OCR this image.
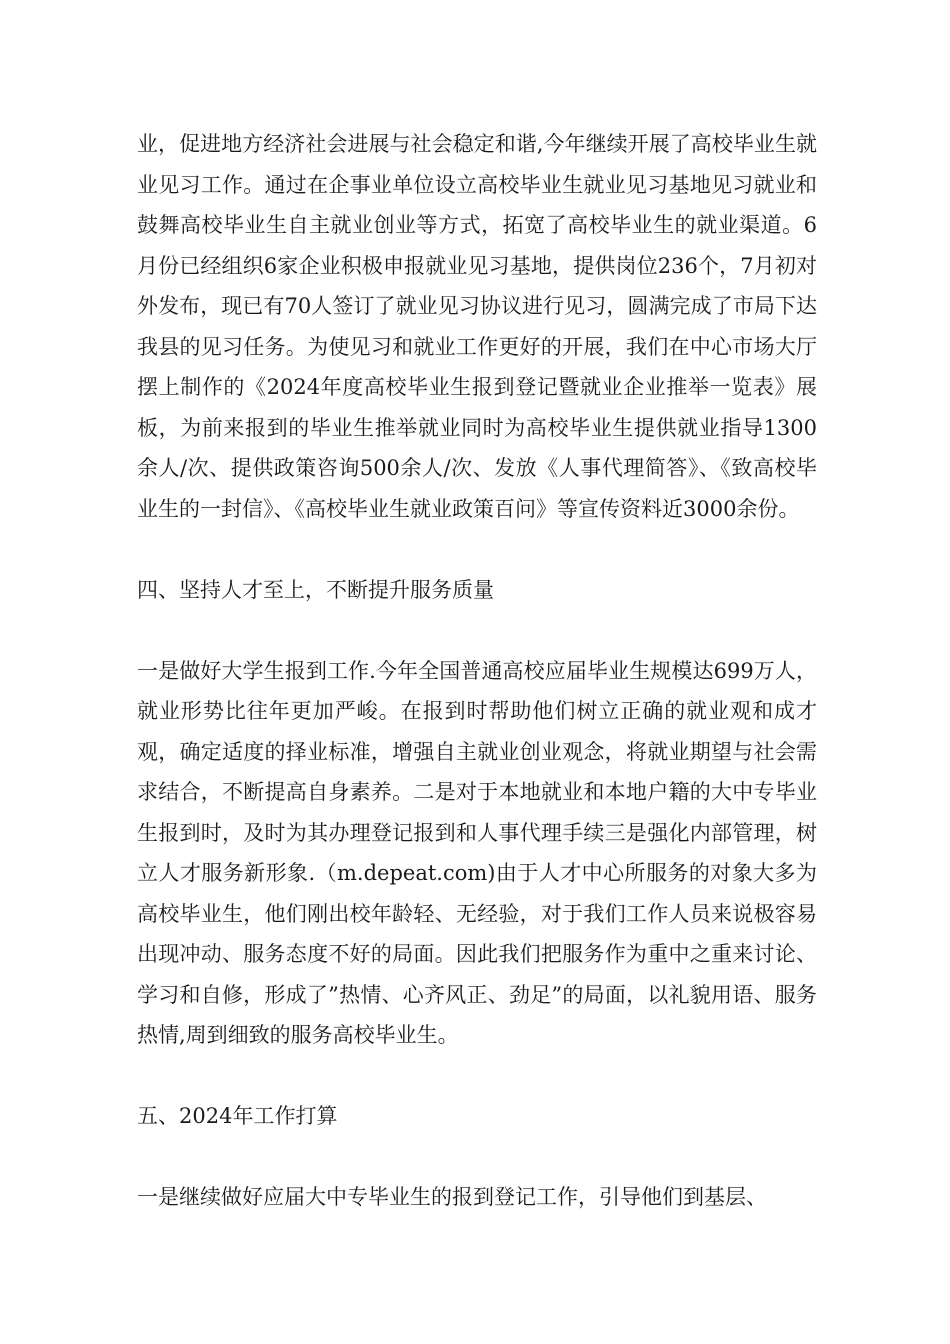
业，促进地方经济社会进展与社会稳定和谐,今年继续开展了高校毕业生就业见习工作。通过在企事业单位设立高校毕业生就业见习基地见习就业和鼓舞高校毕业生自主就业创业等方式，拓宽了高校毕业生的就业渠道。6月份已经组织6家企业积极申报就业见习基地，提供岗位236个，7月初对外发布，现已有70人签订了就业见习协议进行见习，圆满完成了市局下达我县的见习任务。为使见习和就业工作更好的开展，我们在中心市场大厅摆上制作的《2024年度高校毕业生报到登记暨就业企业推举一览表》展板，为前来报到的毕业生推举就业同时为高校毕业生提供就业指导1300余人/次、提供政策咨询500余人/次、发放《人事代理简答》、《致高校毕业生的一封信》、《高校毕业生就业政策百问》等宣传资料近3000余份。

四、坚持人才至上，不断提升服务质量

一是做好大学生报到工作.今年全国普通高校应届毕业生规模达699万人，就业形势比往年更加严峻。在报到时帮助他们树立正确的就业观和成才观，确定适度的择业标准，增强自主就业创业观念，将就业期望与社会需求结合，不断提高自身素养。二是对于本地就业和本地户籍的大中专毕业生报到时，及时为其办理登记报到和人事代理手续三是强化内部管理，树立人才服务新形象.（m.depeat.com)由于人才中心所服务的对象大多为高校毕业生，他们刚出校年龄轻、无经验，对于我们工作人员来说极容易出现冲动、服务态度不好的局面。因此我们把服务作为重中之重来讨论、学习和自修，形成了”热情、心齐风正、劲足”的局面，以礼貌用语、服务热情,周到细致的服务高校毕业生。

五、2024年工作打算

一是继续做好应届大中专毕业生的报到登记工作，引导他们到基层、
